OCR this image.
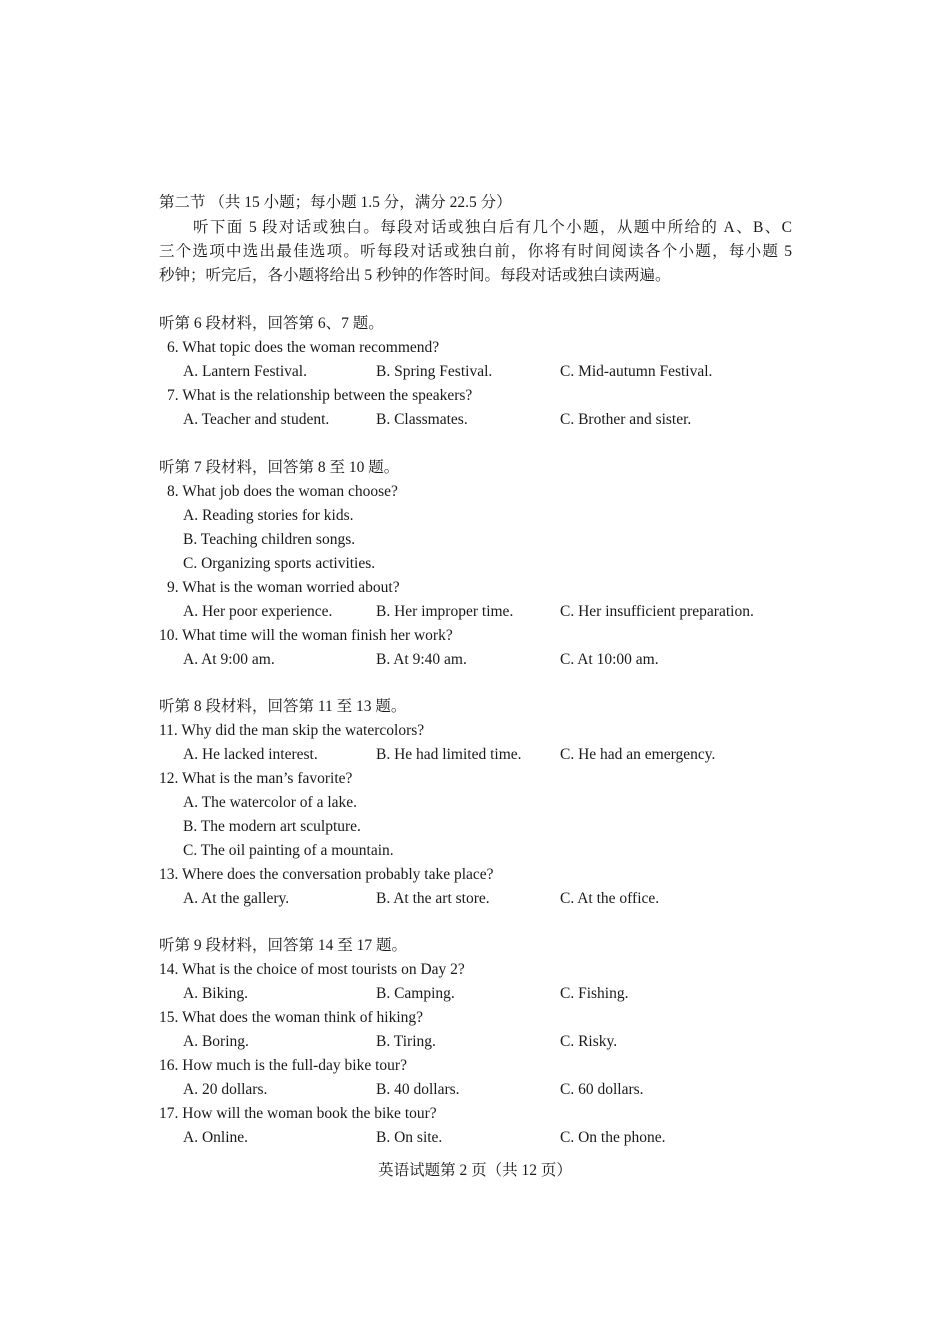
第二节 （共 15 小题；每小题 1.5 分，满分 22.5 分）
听下面 5 段对话或独白。每段对话或独白后有几个小题，从题中所给的 A、B、C
三个选项中选出最佳选项。听每段对话或独白前，你将有时间阅读各个小题，每小题 5
秒钟；听完后，各小题将给出 5 秒钟的作答时间。每段对话或独白读两遍。
听第 6 段材料，回答第 6、7 题。
6. What topic does the woman recommend?
A. Lantern Festival.	B. Spring Festival.	C. Mid-autumn Festival.
7. What is the relationship between the speakers?
A. Teacher and student.	B. Classmates.	C. Brother and sister.
听第 7 段材料，回答第 8 至 10 题。
8. What job does the woman choose?
A. Reading stories for kids.
B. Teaching children songs.
C. Organizing sports activities.
9. What is the woman worried about?
A. Her poor experience.	B. Her improper time.	C. Her insufficient preparation.
10. What time will the woman finish her work?
A. At 9:00 am.	B. At 9:40 am.	C. At 10:00 am.
听第 8 段材料，回答第 11 至 13 题。
11. Why did the man skip the watercolors?
A. He lacked interest.	B. He had limited time. C. He had an emergency.
12. What is the man’s favorite?
A. The watercolor of a lake.
B. The modern art sculpture.
C. The oil painting of a mountain.
13. Where does the conversation probably take place?
A. At the gallery.	B. At the art store.	C. At the office.
听第 9 段材料，回答第 14 至 17 题。
14. What is the choice of most tourists on Day 2?
A. Biking.	B. Camping.	C. Fishing.
15. What does the woman think of hiking?
A. Boring.	B. Tiring.	C. Risky.
16. How much is the full-day bike tour?
A. 20 dollars.	B. 40 dollars.	C. 60 dollars.
17. How will the woman book the bike tour?
A. Online.	B. On site.	C. On the phone.
英语试题第 2 页（共 12 页）
